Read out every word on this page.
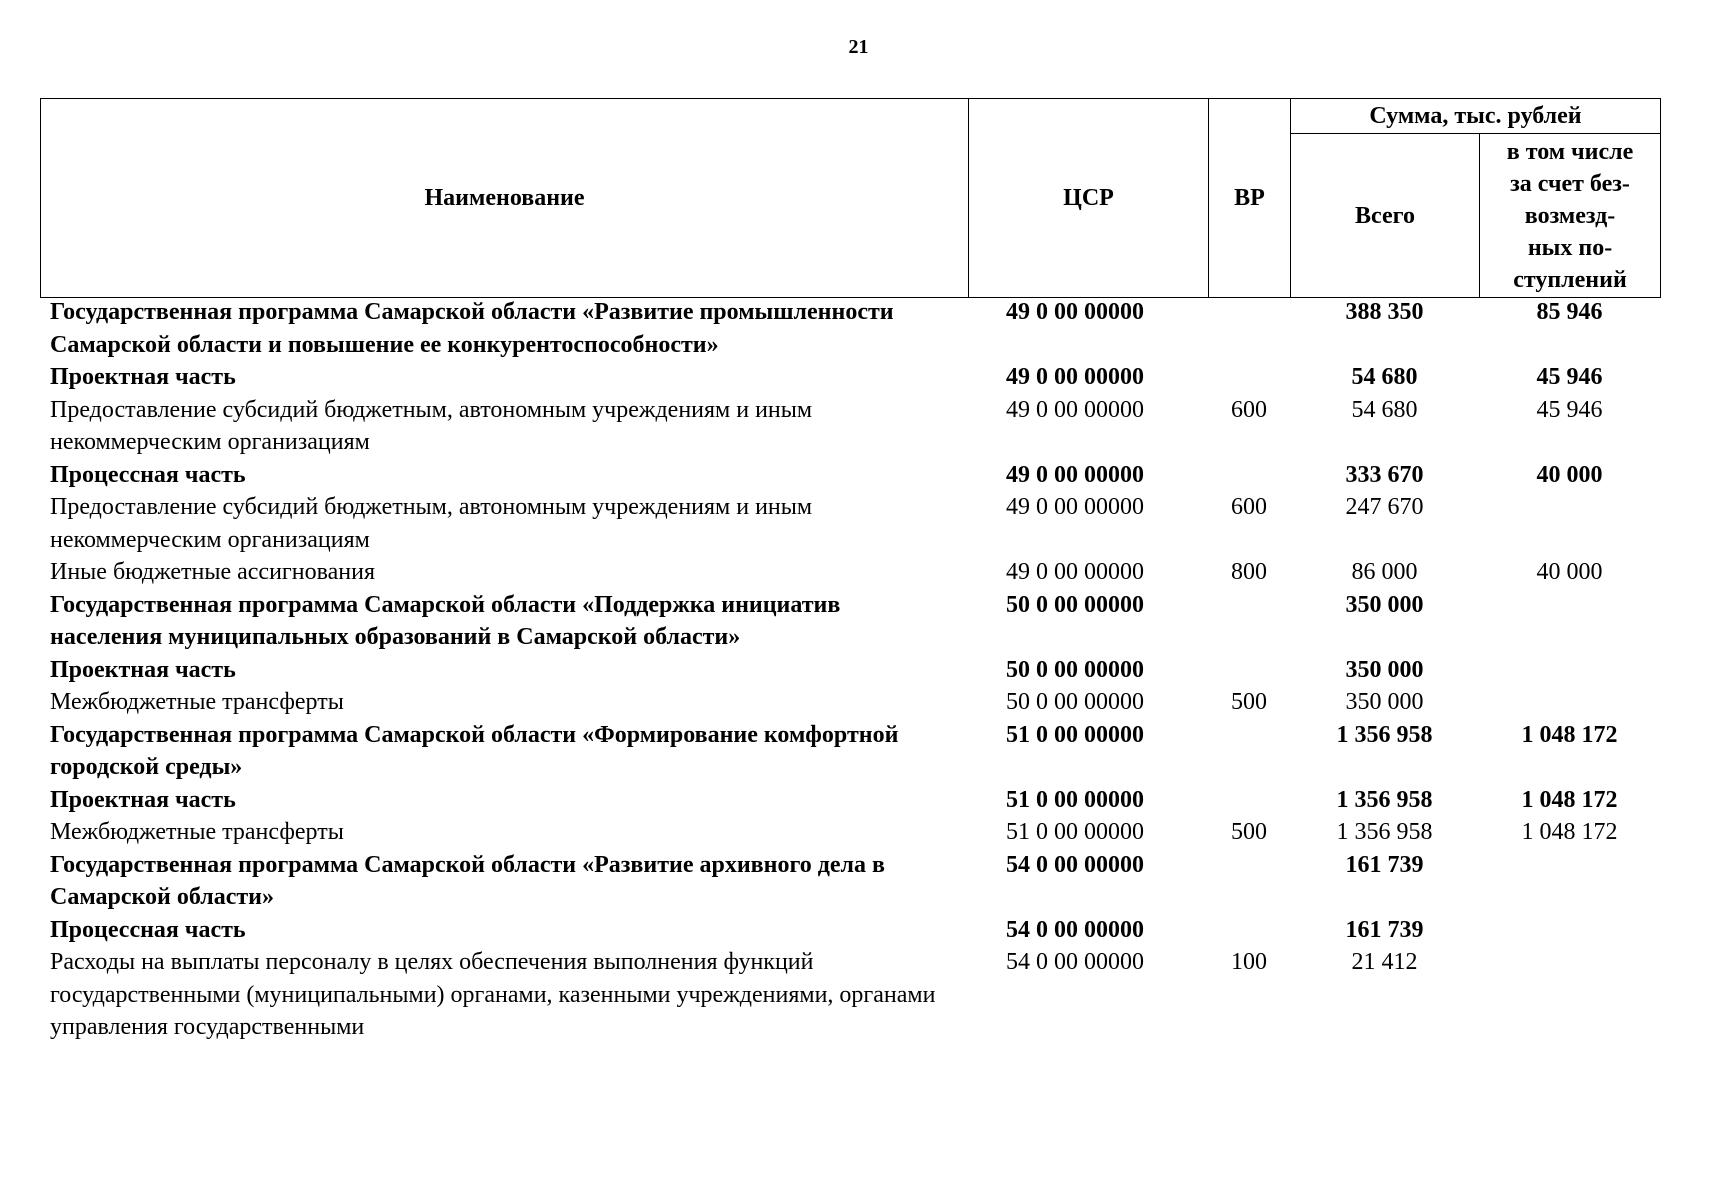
21
Наименование	ЦСР	ВР	Сумма, тыс. рублей	
			Всего	в том числе
за счет без-
возмезд-
ных по-
ступлений
Государственная программа Самарской области «Развитие промышленности Самарской области и повышение ее конкурентоспособности»	49 0 00 00000		388 350	85 946
Проектная часть	49 0 00 00000		54 680	45 946
Предоставление субсидий бюджетным, автономным учреждениям и иным некоммерческим организациям	49 0 00 00000	600	54 680	45 946
Процессная часть	49 0 00 00000		333 670	40 000
Предоставление субсидий бюджетным, автономным учреждениям и иным некоммерческим организациям	49 0 00 00000	600	247 670	
Иные бюджетные ассигнования	49 0 00 00000	800	86 000	40 000
Государственная программа Самарской области «Поддержка инициатив населения муниципальных образований в Самарской области»	50 0 00 00000		350 000	
Проектная часть	50 0 00 00000		350 000	
Межбюджетные трансферты	50 0 00 00000	500	350 000	
Государственная программа Самарской области «Формирование комфортной городской среды»	51 0 00 00000		1 356 958	1 048 172
Проектная часть	51 0 00 00000		1 356 958	1 048 172
Межбюджетные трансферты	51 0 00 00000	500	1 356 958	1 048 172
Государственная программа Самарской области «Развитие архивного дела в Самарской области»	54 0 00 00000		161 739	
Процессная часть	54 0 00 00000		161 739	
Расходы на выплаты персоналу в целях обеспечения выполнения функций государственными (муниципальными) органами, казенными учреждениями, органами управления государственными	54 0 00 00000	100	21 412	
